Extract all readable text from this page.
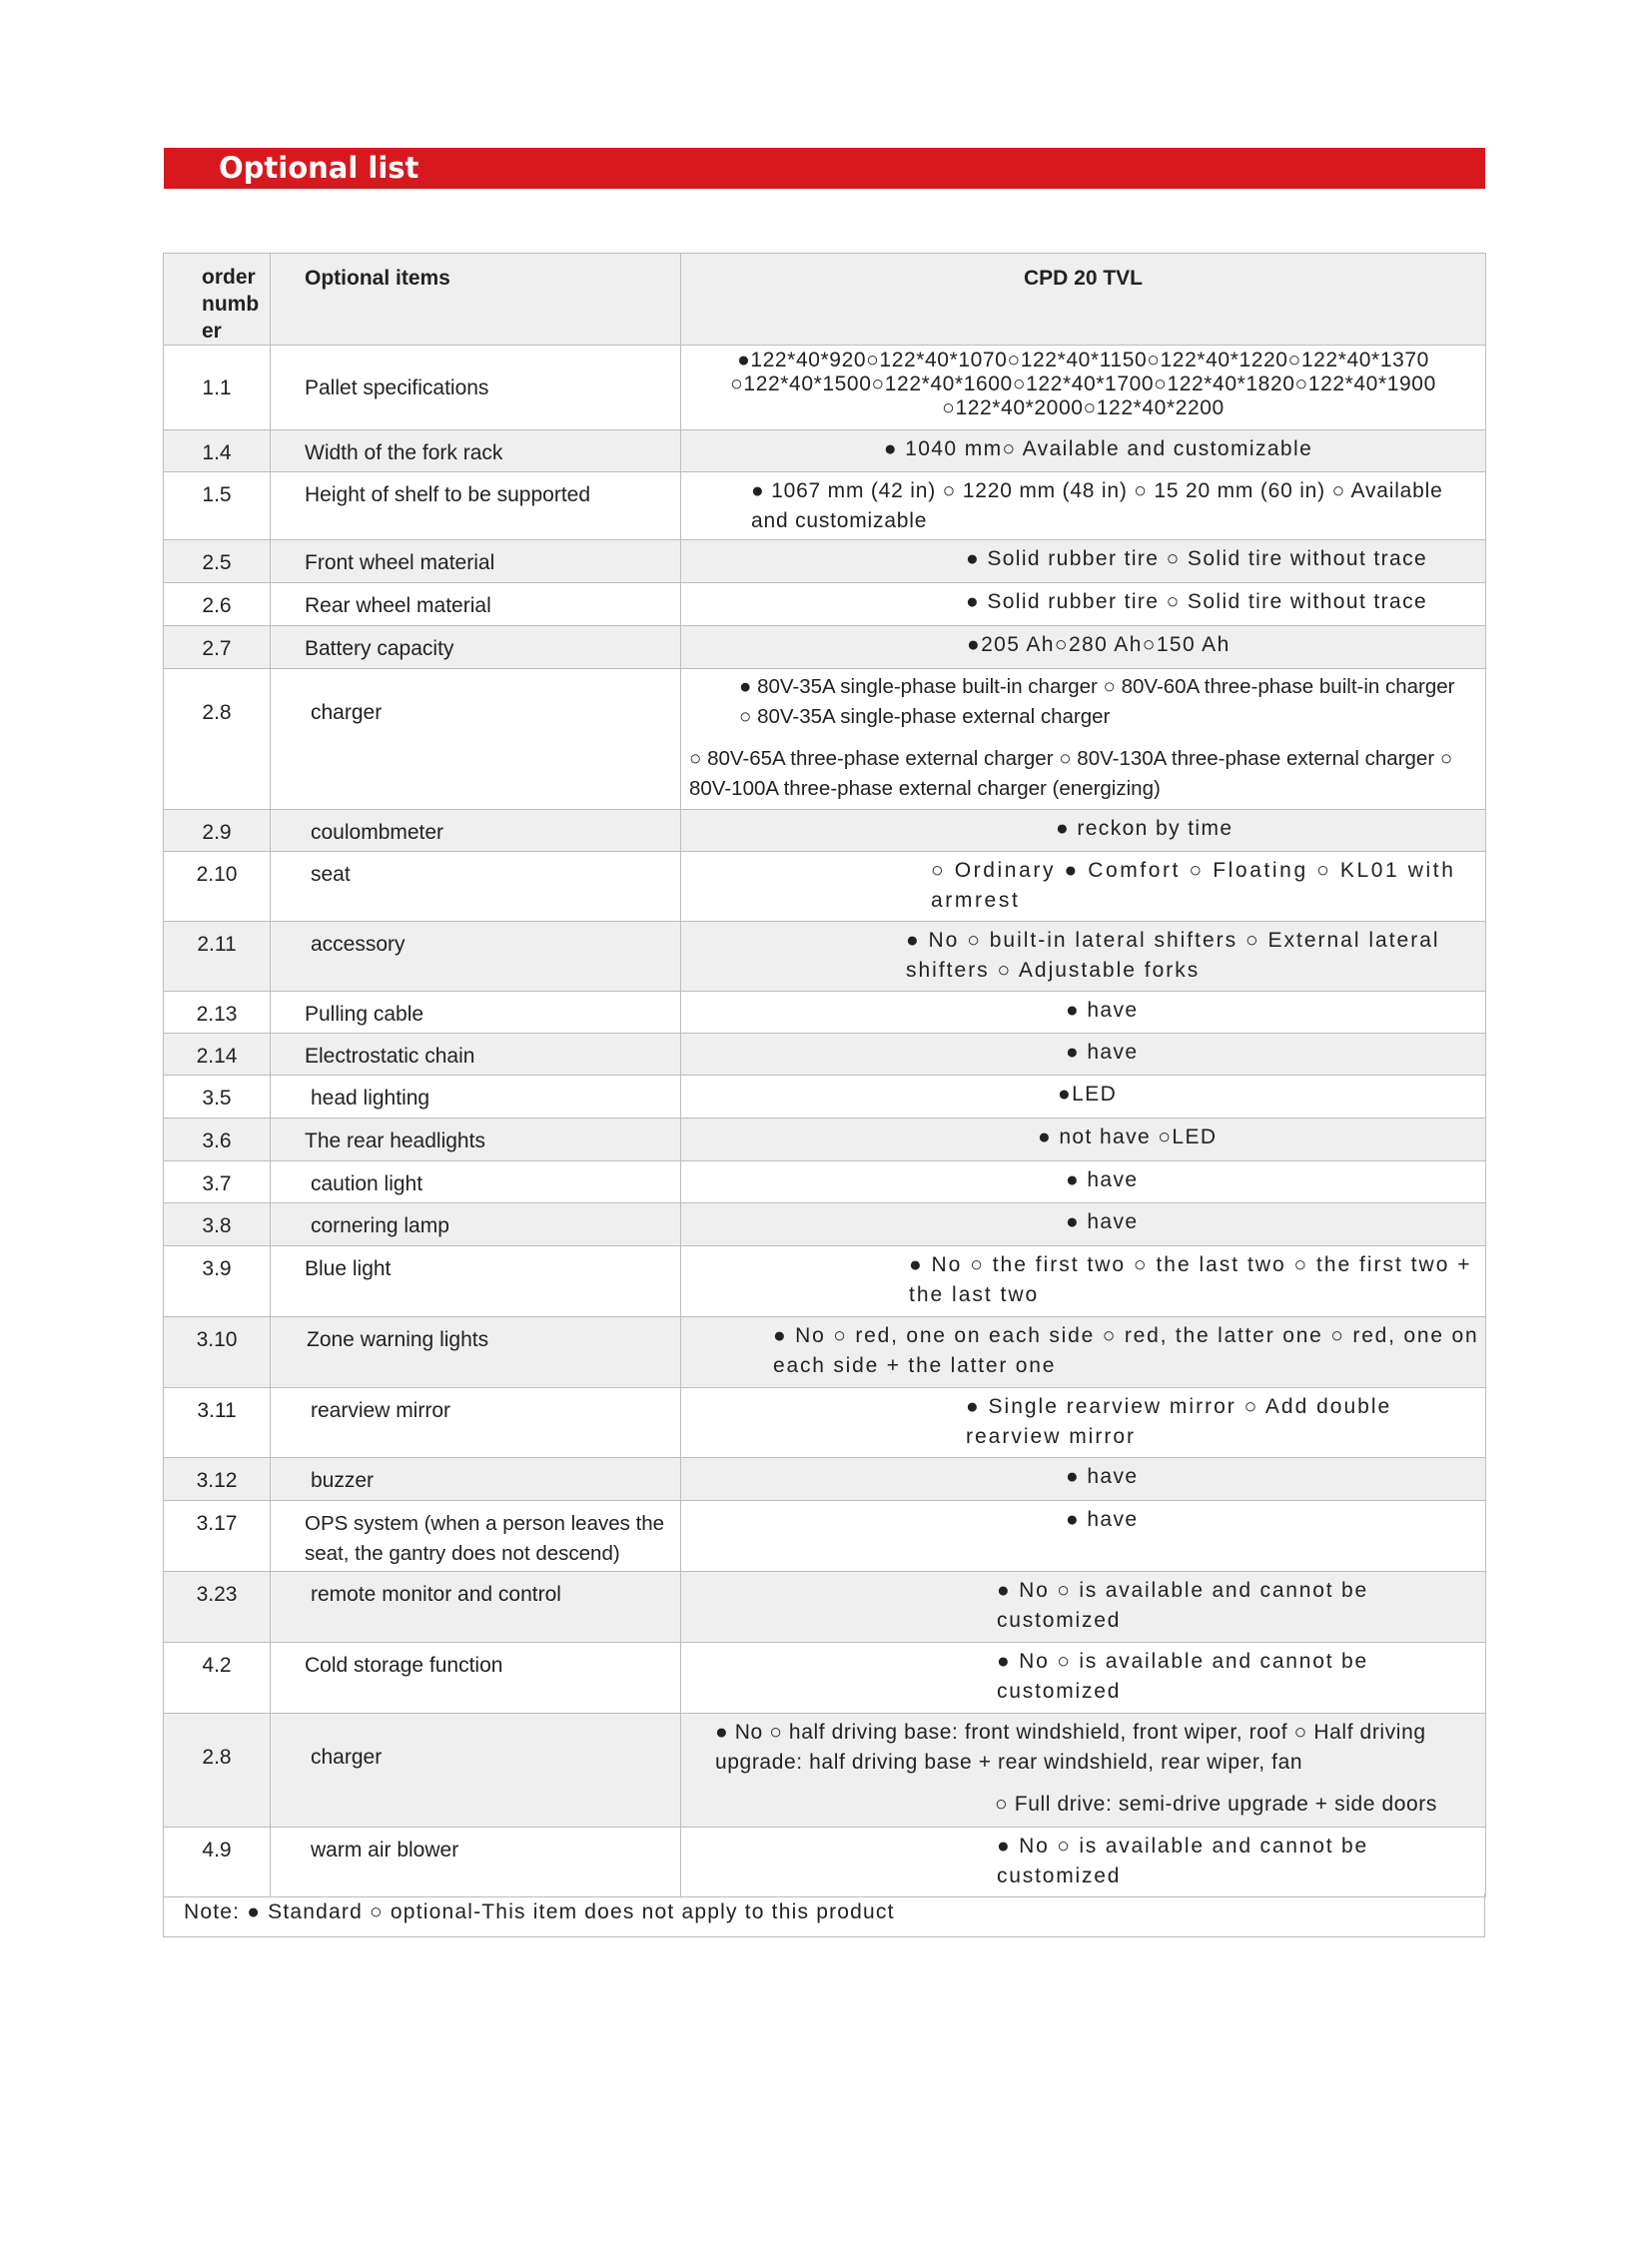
Optional list
order numb er	Optional items	CPD 20 TVL

1.1	Pallet specifications	●122*40*920○122*40*1070○122*40*1150○122*40*1220○122*40*1370 ○122*40*1500○122*40*1600○122*40*1700○122*40*1820○122*40*1900 ○122*40*2000○122*40*2200

1.4	Width of the fork rack	● 1040 mm○ Available and customizable

1.5	Height of shelf to be supported	● 1067 mm (42 in) ○ 1220 mm (48 in) ○ 15 20 mm (60 in) ○ Available and customizable

2.5	Front wheel material	● Solid rubber tire ○ Solid tire without trace

2.6	Rear wheel material	● Solid rubber tire ○ Solid tire without trace

2.7	Battery capacity	●205 Ah○280 Ah○150 Ah

2.8	charger	● 80V-35A single-phase built-in charger ○ 80V-60A three-phase built-in charger ○ 80V-35A single-phase external charger
○ 80V-65A three-phase external charger ○ 80V-130A three-phase external charger ○ 80V-100A three-phase external charger (energizing)

2.9	coulombmeter	● reckon by time

2.10	seat	○ Ordinary ● Comfort ○ Floating ○ KL01 with armrest

2.11	accessory	● No ○ built-in lateral shifters ○ External lateral shifters ○ Adjustable forks

2.13	Pulling cable	● have

2.14	Electrostatic chain	● have

3.5	head lighting	●LED

3.6	The rear headlights	● not have ○LED

3.7	caution light	● have

3.8	cornering lamp	● have

3.9	Blue light	● No ○ the first two ○ the last two ○ the first two + the last two

3.10	Zone warning lights	● No ○ red, one on each side ○ red, the latter one ○ red, one on each side + the latter one

3.11	rearview mirror	● Single rearview mirror ○ Add double rearview mirror

3.12	buzzer	● have

3.17	OPS system (when a person leaves the seat, the gantry does not descend)	● have

3.23	remote monitor and control	● No ○ is available and cannot be customized

4.2	Cold storage function	● No ○ is available and cannot be customized

2.8	charger	● No ○ half driving base: front windshield, front wiper, roof ○ Half driving upgrade: half driving base + rear windshield, rear wiper, fan
○ Full drive: semi-drive upgrade + side doors

4.9	warm air blower	● No ○ is available and cannot be customized
Note: ● Standard ○ optional-This item does not apply to this product
